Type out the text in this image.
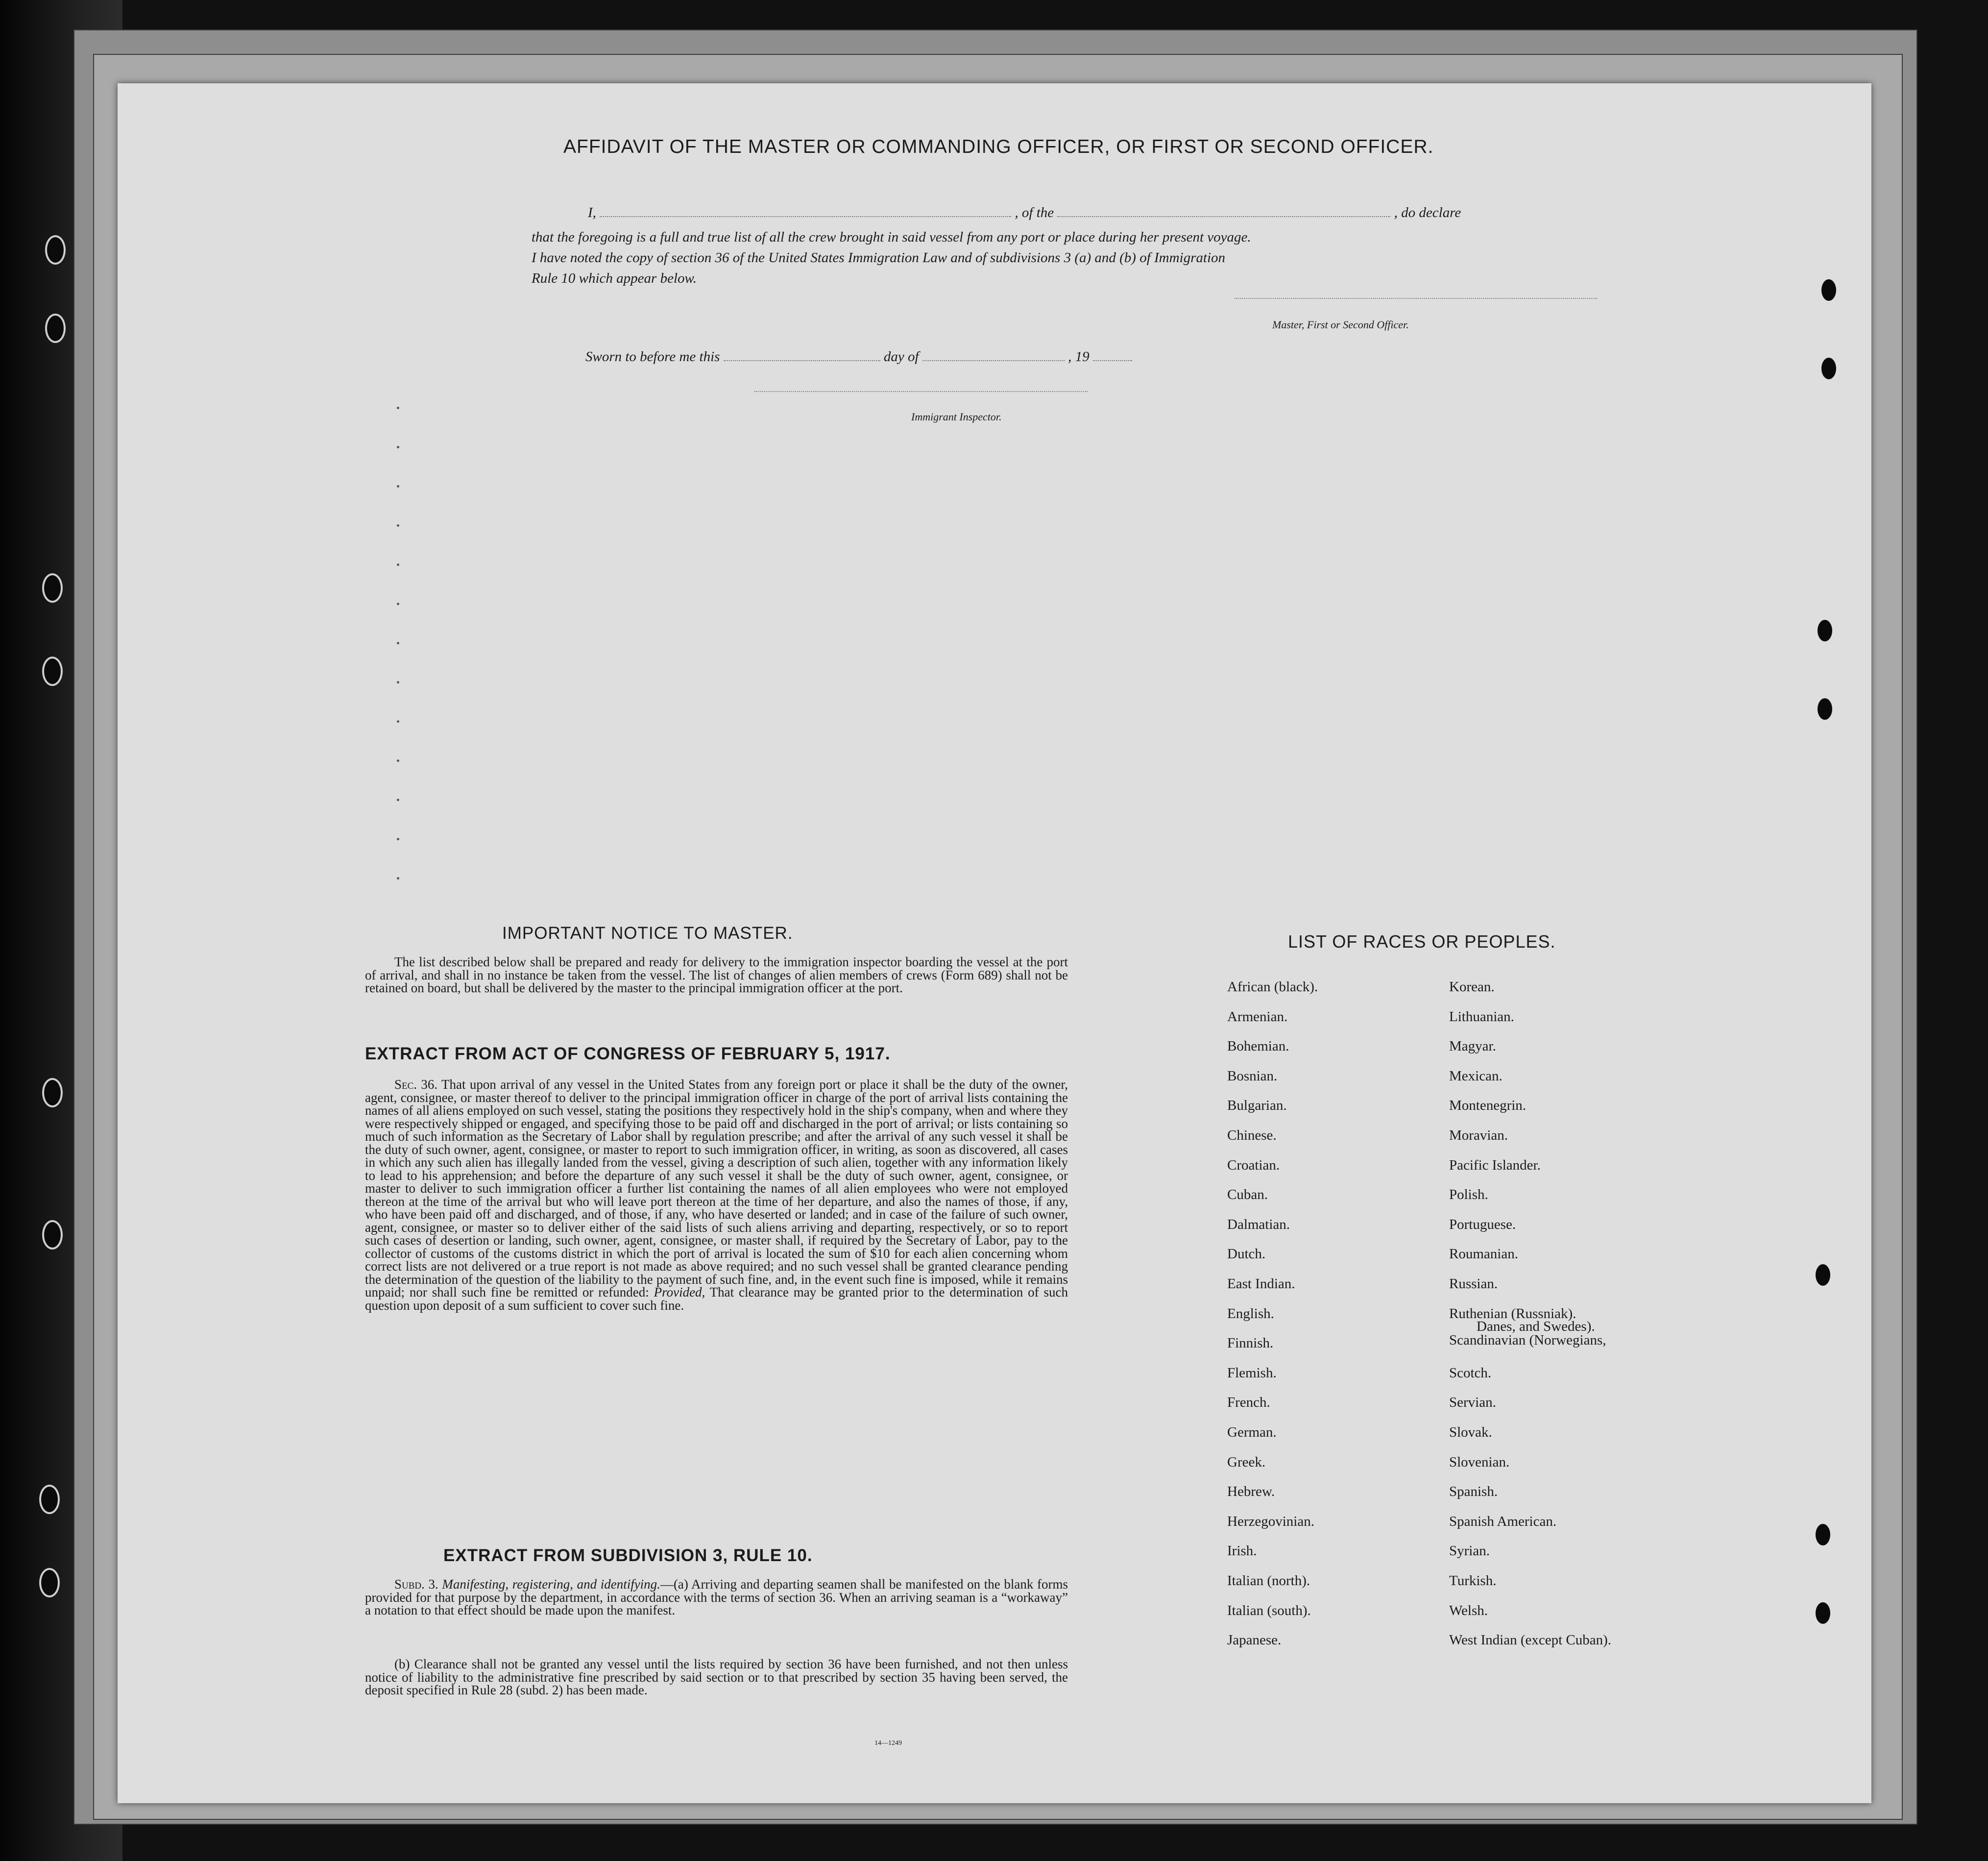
AFFIDAVIT OF THE MASTER OR COMMANDING OFFICER, OR FIRST OR SECOND OFFICER.
I,	, of the	, do declare
that the foregoing is a full and true list of all the crew brought in said vessel from any port or place during her present voyage.
I have noted the copy of section 36 of the United States Immigration Law and of subdivisions 3 (a) and (b) of Immigration
Rule 10 which appear below.
Master, First or Second Officer.
Sworn to before me this	day of	, 19
Immigrant Inspector.
IMPORTANT NOTICE TO MASTER.
The list described below shall be prepared and ready for delivery to the immigration inspector boarding the vessel at the port of arrival, and shall in no instance be taken from the vessel. The list of changes of alien members of crews (Form 689) shall not be retained on board, but shall be delivered by the master to the principal immigration officer at the port.
EXTRACT FROM ACT OF CONGRESS OF FEBRUARY 5, 1917.
Sec. 36. That upon arrival of any vessel in the United States from any foreign port or place it shall be the duty of the owner, agent, consignee, or master thereof to deliver to the principal immigration officer in charge of the port of arrival lists containing the names of all aliens employed on such vessel, stating the positions they respectively hold in the ship's company, when and where they were respectively shipped or engaged, and specifying those to be paid off and discharged in the port of arrival; or lists containing so much of such information as the Secretary of Labor shall by regulation prescribe; and after the arrival of any such vessel it shall be the duty of such owner, agent, consignee, or master to report to such immigration officer, in writing, as soon as discovered, all cases in which any such alien has illegally landed from the vessel, giving a description of such alien, together with any information likely to lead to his apprehension; and before the departure of any such vessel it shall be the duty of such owner, agent, consignee, or master to deliver to such immigration officer a further list containing the names of all alien employees who were not employed thereon at the time of the arrival but who will leave port thereon at the time of her departure, and also the names of those, if any, who have been paid off and discharged, and of those, if any, who have deserted or landed; and in case of the failure of such owner, agent, consignee, or master so to deliver either of the said lists of such aliens arriving and departing, respectively, or so to report such cases of desertion or landing, such owner, agent, consignee, or master shall, if required by the Secretary of Labor, pay to the collector of customs of the customs district in which the port of arrival is located the sum of $10 for each alien concerning whom correct lists are not delivered or a true report is not made as above required; and no such vessel shall be granted clearance pending the determination of the question of the liability to the payment of such fine, and, in the event such fine is imposed, while it remains unpaid; nor shall such fine be remitted or refunded: Provided, That clearance may be granted prior to the determination of such question upon deposit of a sum sufficient to cover such fine.
EXTRACT FROM SUBDIVISION 3, RULE 10.
Subd. 3. Manifesting, registering, and identifying.—(a) Arriving and departing seamen shall be manifested on the blank forms provided for that purpose by the department, in accordance with the terms of section 36. When an arriving seaman is a “workaway” a notation to that effect should be made upon the manifest.
(b) Clearance shall not be granted any vessel until the lists required by section 36 have been furnished, and not then unless notice of liability to the administrative fine prescribed by said section or to that prescribed by section 35 having been served, the deposit specified in Rule 28 (subd. 2) has been made.
14—1249
LIST OF RACES OR PEOPLES.
African (black).
Armenian.
Bohemian.
Bosnian.
Bulgarian.
Chinese.
Croatian.
Cuban.
Dalmatian.
Dutch.
East Indian.
English.
Finnish.
Flemish.
French.
German.
Greek.
Hebrew.
Herzegovinian.
Irish.
Italian (north).
Italian (south).
Japanese.
Korean.
Lithuanian.
Magyar.
Mexican.
Montenegrin.
Moravian.
Pacific Islander.
Polish.
Portuguese.
Roumanian.
Russian.
Ruthenian (Russniak).
Scandinavian (Norwegians,
Danes, and Swedes).
Scotch.
Servian.
Slovak.
Slovenian.
Spanish.
Spanish American.
Syrian.
Turkish.
Welsh.
West Indian (except Cuban).
